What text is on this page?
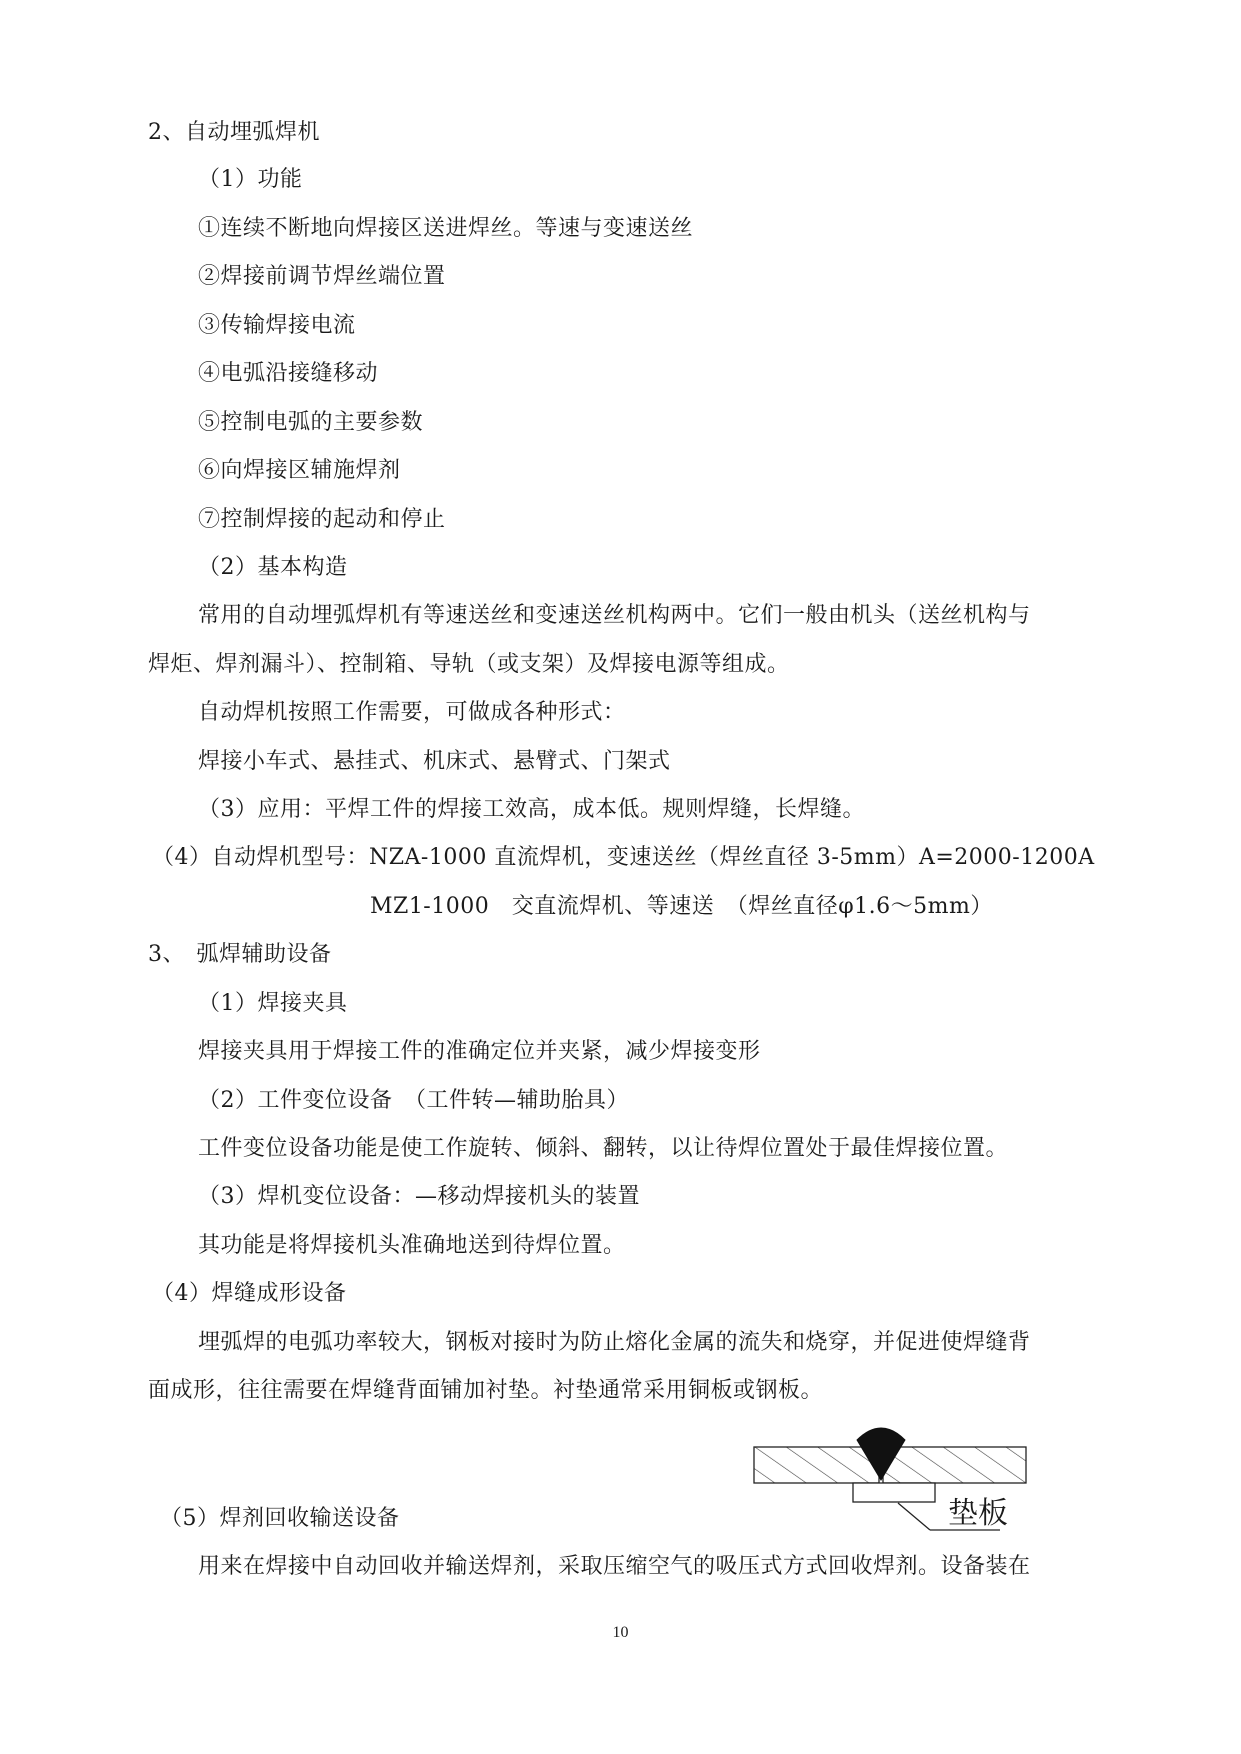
2、自动埋弧焊机
（1）功能
①连续不断地向焊接区送进焊丝。等速与变速送丝
②焊接前调节焊丝端位置
③传输焊接电流
④电弧沿接缝移动
⑤控制电弧的主要参数
⑥向焊接区辅施焊剂
⑦控制焊接的起动和停止
（2）基本构造
常用的自动埋弧焊机有等速送丝和变速送丝机构两中。它们一般由机头（送丝机构与
焊炬、焊剂漏斗）、控制箱、导轨（或支架）及焊接电源等组成。
自动焊机按照工作需要，可做成各种形式：
焊接小车式、悬挂式、机床式、悬臂式、门架式
（3）应用：平焊工件的焊接工效高，成本低。规则焊缝，长焊缝。
（4）自动焊机型号：NZA-1000 直流焊机，变速送丝（焊丝直径 3-5mm）A=2000-1200A
MZ1-1000　交直流焊机、等速送　（焊丝直径φ1.6～5mm）
3、　弧焊辅助设备
（1）焊接夹具
焊接夹具用于焊接工件的准确定位并夹紧，减少焊接变形
（2）工件变位设备　（工件转—辅助胎具）
工件变位设备功能是使工作旋转、倾斜、翻转，以让待焊位置处于最佳焊接位置。
（3）焊机变位设备：—移动焊接机头的装置
其功能是将焊接机头准确地送到待焊位置。
（4）焊缝成形设备
埋弧焊的电弧功率较大，钢板对接时为防止熔化金属的流失和烧穿，并促进使焊缝背
面成形，往往需要在焊缝背面铺加衬垫。衬垫通常采用铜板或钢板。
（5）焊剂回收输送设备
用来在焊接中自动回收并输送焊剂，采取压缩空气的吸压式方式回收焊剂。设备装在
垫板
10
